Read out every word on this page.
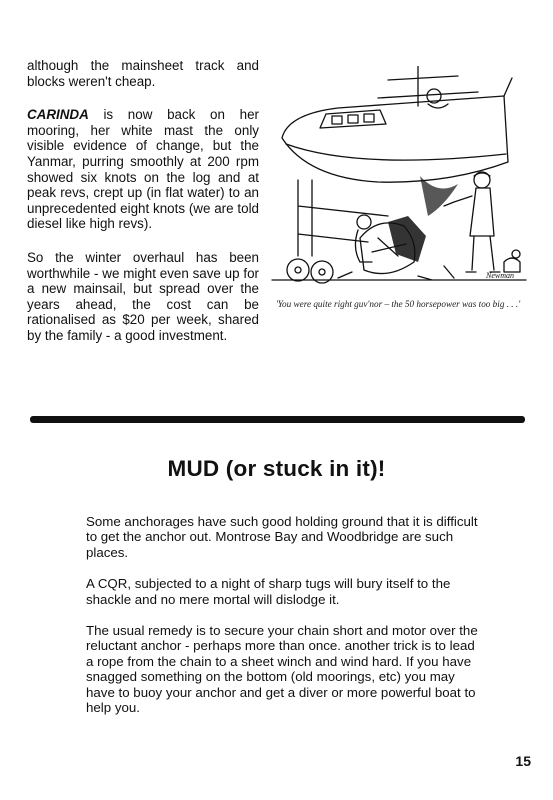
although the mainsheet track and blocks weren't cheap.

CARINDA is now back on her mooring, her white mast the only visible evidence of change, but the Yanmar, purring smoothly at 200 rpm showed six knots on the log and at peak revs, crept up (in flat water) to an unprecedented eight knots (we are told diesel like high revs).

So the winter overhaul has been worthwhile - we might even save up for a new mainsail, but spread over the years ahead, the cost can be rationalised as $20 per week, shared by the family - a good investment.

Newman
'You were quite right guv'nor – the 50 horsepower was too big . . .'
MUD (or stuck in it)!

Some anchorages have such good holding ground that it is difficult to get the anchor out. Montrose Bay and Woodbridge are such places.

A CQR, subjected to a night of sharp tugs will bury itself to the shackle and no mere mortal will dislodge it.

The usual remedy is to secure your chain short and motor over the reluctant anchor - perhaps more than once. another trick is to lead a rope from the chain to a sheet winch and wind hard. If you have snagged something on the bottom (old moorings, etc) you may have to buoy your anchor and get a diver or more powerful boat to help you.

15
